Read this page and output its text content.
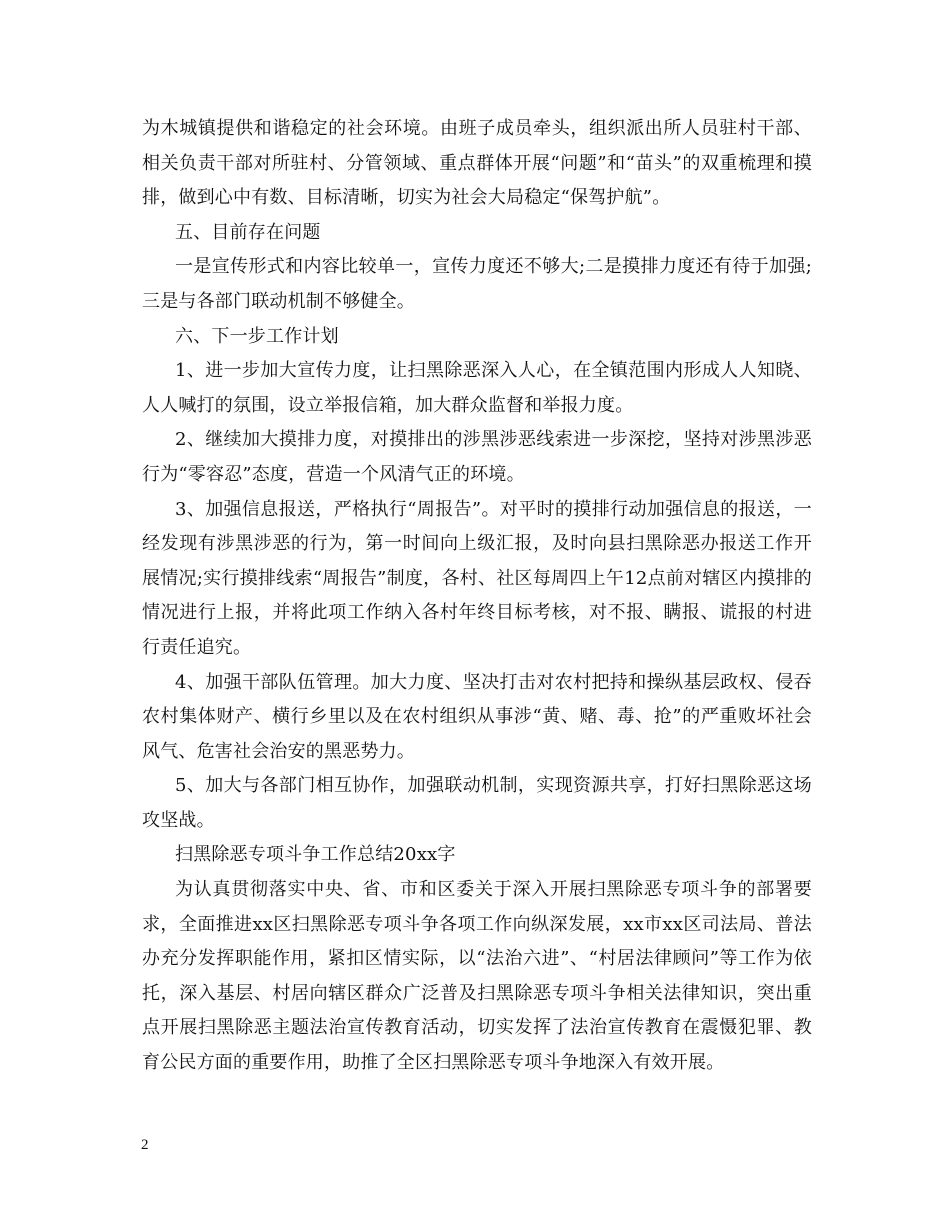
为木城镇提供和谐稳定的社会环境。由班子成员牵头，组织派出所人员驻村干部、相关负责干部对所驻村、分管领域、重点群体开展“问题”和“苗头”的双重梳理和摸排，做到心中有数、目标清晰，切实为社会大局稳定“保驾护航”。

五、目前存在问题

一是宣传形式和内容比较单一，宣传力度还不够大;二是摸排力度还有待于加强;三是与各部门联动机制不够健全。

六、下一步工作计划

1、进一步加大宣传力度，让扫黑除恶深入人心，在全镇范围内形成人人知晓、人人喊打的氛围，设立举报信箱，加大群众监督和举报力度。

2、继续加大摸排力度，对摸排出的涉黑涉恶线索进一步深挖，坚持对涉黑涉恶行为“零容忍”态度，营造一个风清气正的环境。

3、加强信息报送，严格执行“周报告”。对平时的摸排行动加强信息的报送，一经发现有涉黑涉恶的行为，第一时间向上级汇报，及时向县扫黑除恶办报送工作开展情况;实行摸排线索“周报告”制度，各村、社区每周四上午12点前对辖区内摸排的情况进行上报，并将此项工作纳入各村年终目标考核，对不报、瞒报、谎报的村进行责任追究。

4、加强干部队伍管理。加大力度、坚决打击对农村把持和操纵基层政权、侵吞农村集体财产、横行乡里以及在农村组织从事涉“黄、赌、毒、抢”的严重败坏社会风气、危害社会治安的黑恶势力。

5、加大与各部门相互协作，加强联动机制，实现资源共享，打好扫黑除恶这场攻坚战。

扫黑除恶专项斗争工作总结20xx字

为认真贯彻落实中央、省、市和区委关于深入开展扫黑除恶专项斗争的部署要求，全面推进xx区扫黑除恶专项斗争各项工作向纵深发展，xx市xx区司法局、普法办充分发挥职能作用，紧扣区情实际，以“法治六进”、“村居法律顾问”等工作为依托，深入基层、村居向辖区群众广泛普及扫黑除恶专项斗争相关法律知识，突出重点开展扫黑除恶主题法治宣传教育活动，切实发挥了法治宣传教育在震慑犯罪、教育公民方面的重要作用，助推了全区扫黑除恶专项斗争地深入有效开展。

2
